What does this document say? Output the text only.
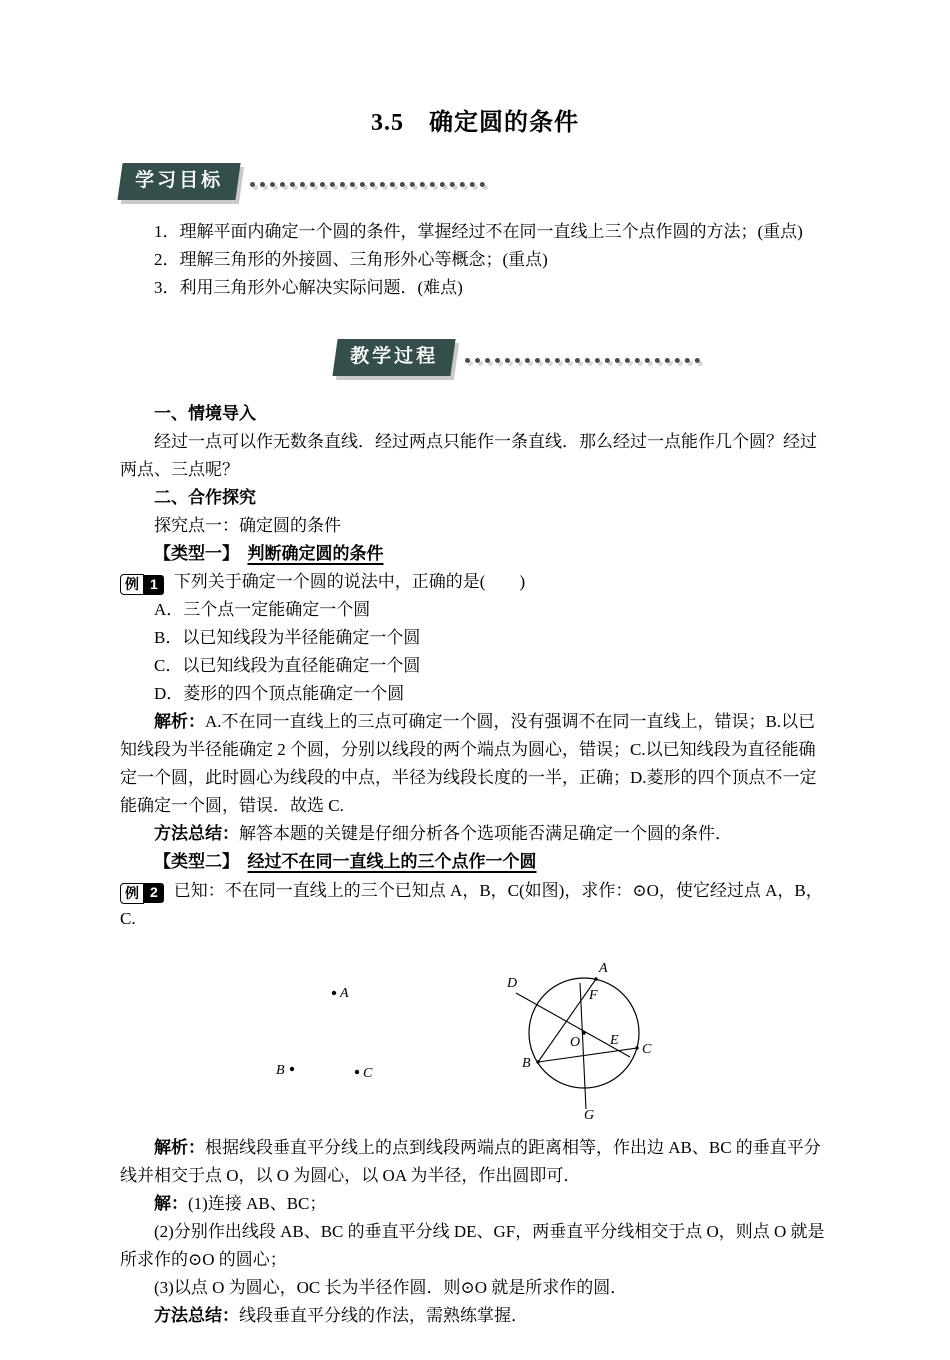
3.5　确定圆的条件
学习目标

1．理解平面内确定一个圆的条件，掌握经过不在同一直线上三个点作圆的方法；(重点)

2．理解三角形的外接圆、三角形外心等概念；(重点)

3．利用三角形外心解决实际问题．(难点)

教学过程

一、情境导入

经过一点可以作无数条直线．经过两点只能作一条直线．那么经过一点能作几个圆？经过两点、三点呢？

二、合作探究

探究点一：确定圆的条件

【类型一】 判断确定圆的条件

例 1 下列关于确定一个圆的说法中，正确的是(　　)

A．三个点一定能确定一个圆

B．以已知线段为半径能确定一个圆

C．以已知线段为直径能确定一个圆

D．菱形的四个顶点能确定一个圆

解析：A.不在同一直线上的三点可确定一个圆，没有强调不在同一直线上，错误；B.以已知线段为半径能确定 2 个圆，分别以线段的两个端点为圆心，错误；C.以已知线段为直径能确定一个圆，此时圆心为线段的中点，半径为线段长度的一半，正确；D.菱形的四个顶点不一定能确定一个圆，错误．故选 C.

方法总结：解答本题的关键是仔细分析各个选项能否满足确定一个圆的条件．

【类型二】 经过不在同一直线上的三个点作一个圆

例 2 已知：不在同一直线上的三个已知点 A，B，C(如图)，求作：⊙O，使它经过点 A，B，C.

A
B	C
A
D
F
O E
B
C
G

解析：根据线段垂直平分线上的点到线段两端点的距离相等，作出边 AB、BC 的垂直平分线并相交于点 O，以 O 为圆心，以 OA 为半径，作出圆即可．

解：(1)连接 AB、BC；

(2)分别作出线段 AB、BC 的垂直平分线 DE、GF，两垂直平分线相交于点 O，则点 O 就是所求作的⊙O 的圆心；

(3)以点 O 为圆心，OC 长为半径作圆．则⊙O 就是所求作的圆．

方法总结：线段垂直平分线的作法，需熟练掌握．
